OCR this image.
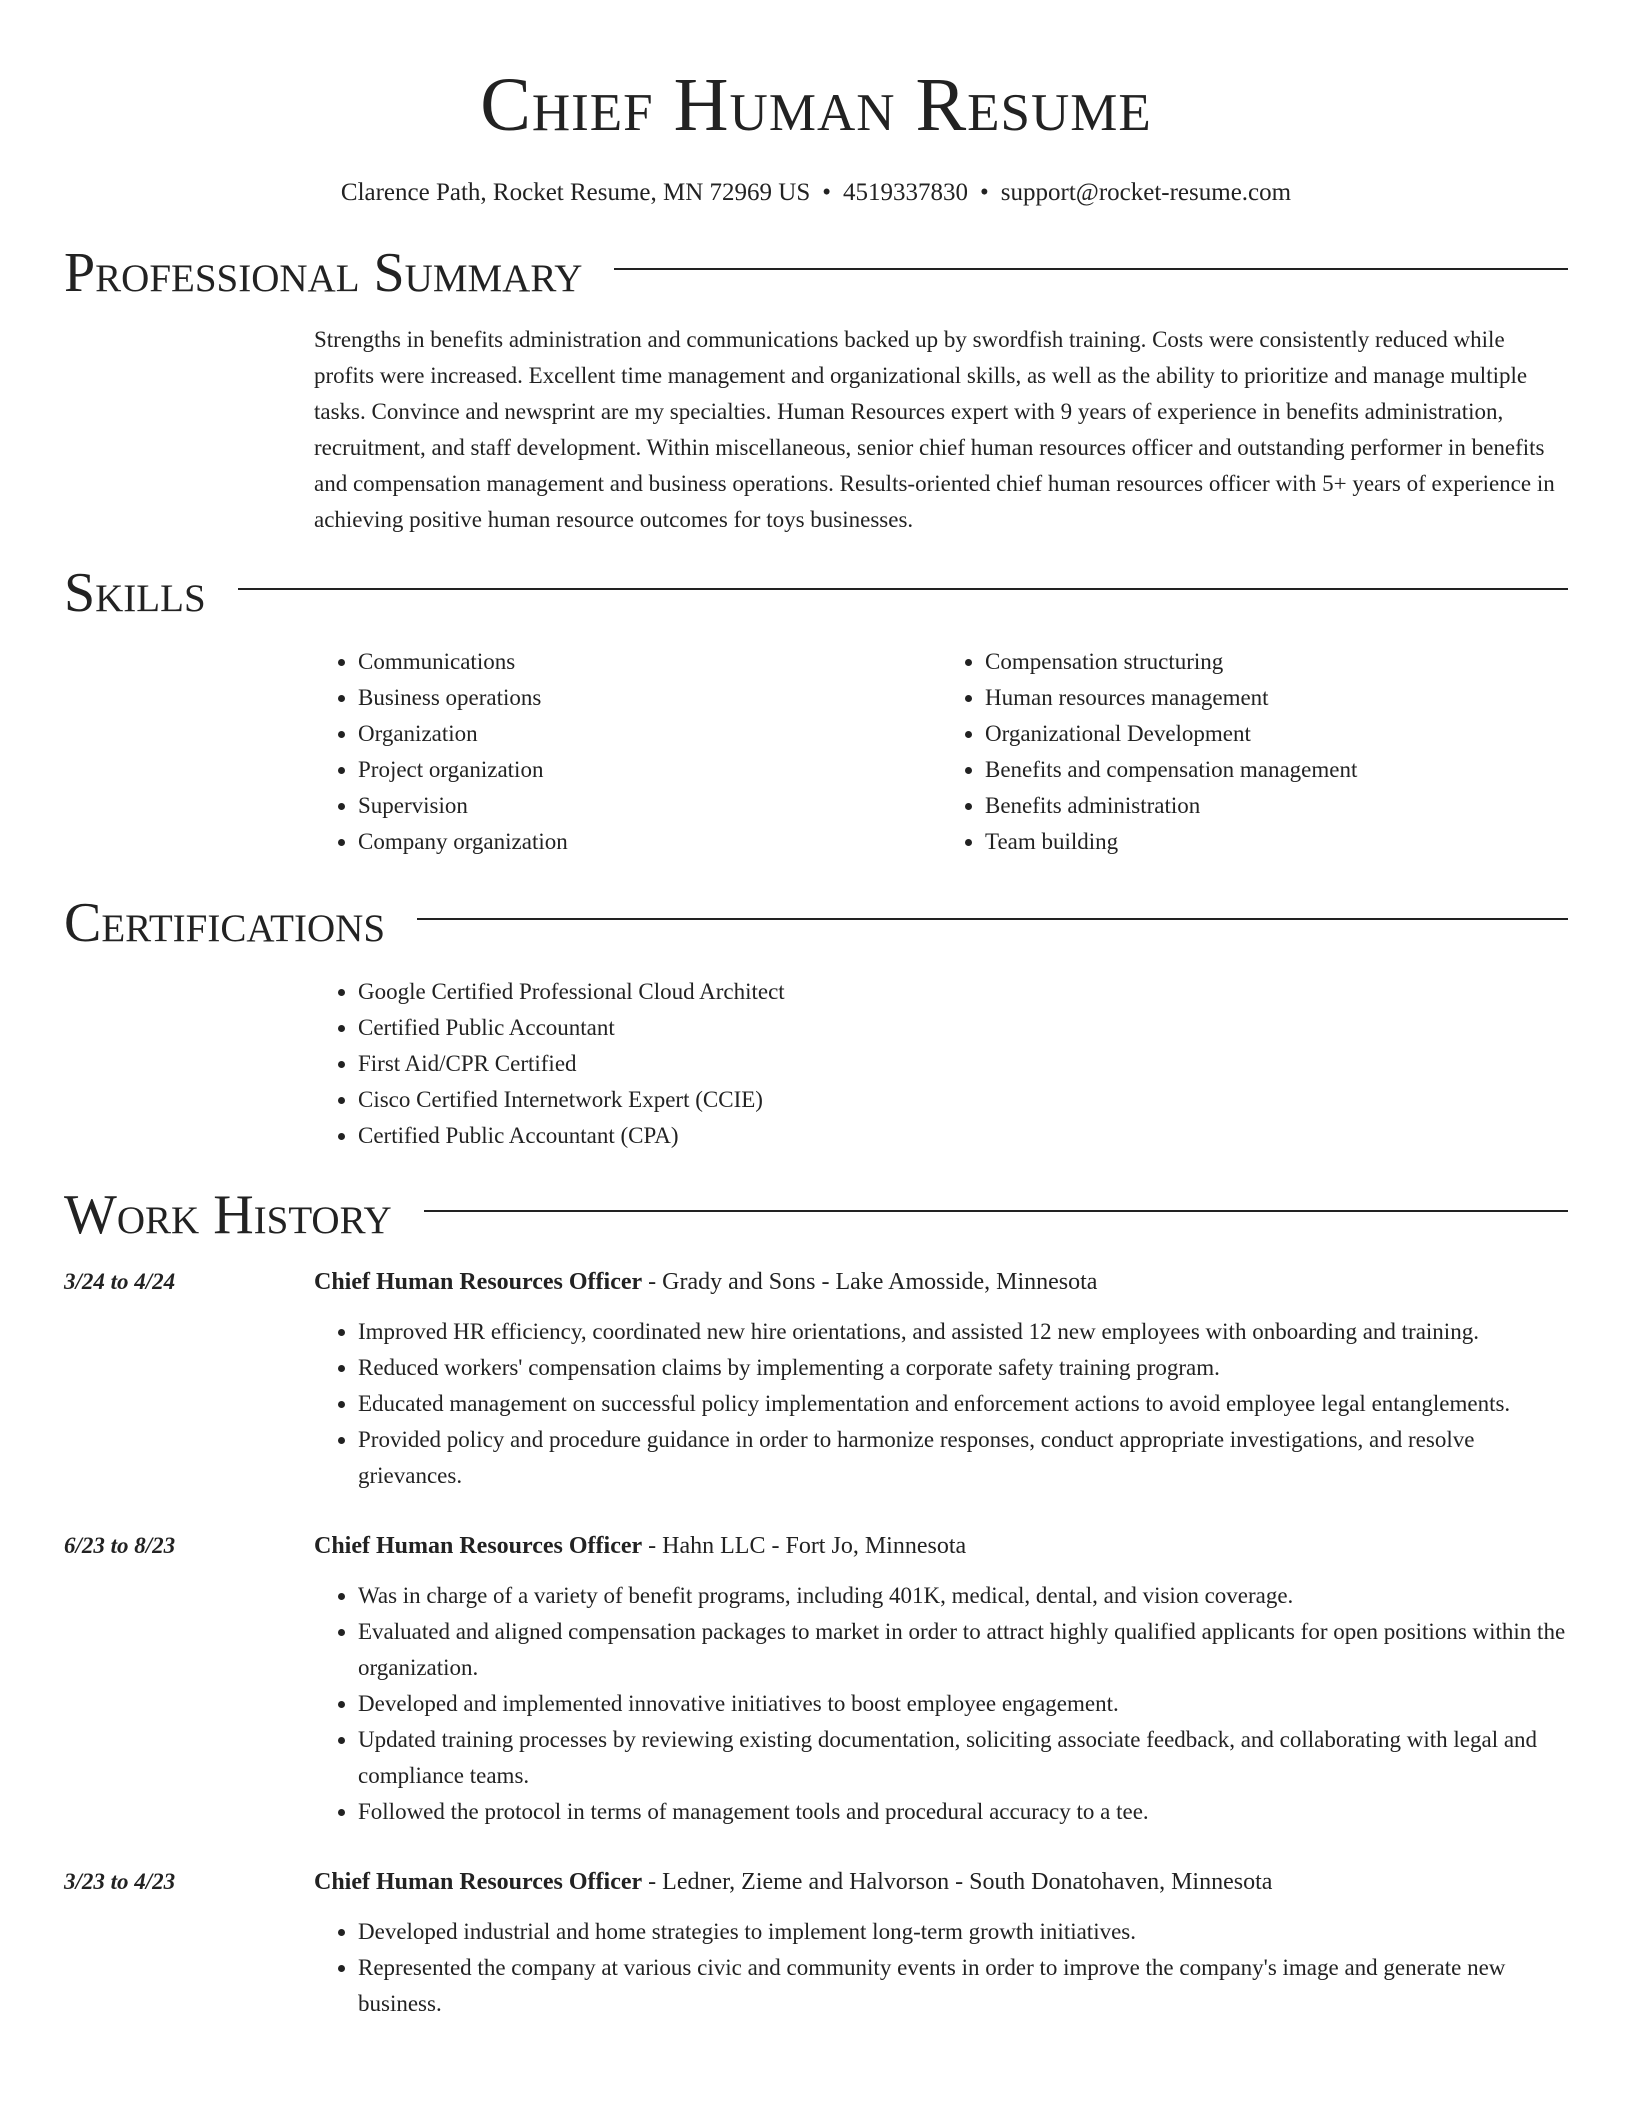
Chief Human Resume
Clarence Path, Rocket Resume, MN 72969 US • 4519337830 • support@rocket-resume.com
Professional Summary
Strengths in benefits administration and communications backed up by swordfish training. Costs were consistently reduced while profits were increased. Excellent time management and organizational skills, as well as the ability to prioritize and manage multiple tasks. Convince and newsprint are my specialties. Human Resources expert with 9 years of experience in benefits administration, recruitment, and staff development. Within miscellaneous, senior chief human resources officer and outstanding performer in benefits and compensation management and business operations. Results-oriented chief human resources officer with 5+ years of experience in achieving positive human resource outcomes for toys businesses.
Skills
• Communications
• Business operations
• Organization
• Project organization
• Supervision
• Company organization
• Compensation structuring
• Human resources management
• Organizational Development
• Benefits and compensation management
• Benefits administration
• Team building
Certifications
• Google Certified Professional Cloud Architect
• Certified Public Accountant
• First Aid/CPR Certified
• Cisco Certified Internetwork Expert (CCIE)
• Certified Public Accountant (CPA)
Work History
3/24 to 4/24	Chief Human Resources Officer - Grady and Sons - Lake Amosside, Minnesota
• Improved HR efficiency, coordinated new hire orientations, and assisted 12 new employees with onboarding and training.
• Reduced workers' compensation claims by implementing a corporate safety training program.
• Educated management on successful policy implementation and enforcement actions to avoid employee legal entanglements.
• Provided policy and procedure guidance in order to harmonize responses, conduct appropriate investigations, and resolve grievances.
6/23 to 8/23	Chief Human Resources Officer - Hahn LLC - Fort Jo, Minnesota
• Was in charge of a variety of benefit programs, including 401K, medical, dental, and vision coverage.
• Evaluated and aligned compensation packages to market in order to attract highly qualified applicants for open positions within the organization.
• Developed and implemented innovative initiatives to boost employee engagement.
• Updated training processes by reviewing existing documentation, soliciting associate feedback, and collaborating with legal and compliance teams.
• Followed the protocol in terms of management tools and procedural accuracy to a tee.
3/23 to 4/23	Chief Human Resources Officer - Ledner, Zieme and Halvorson - South Donatohaven, Minnesota
• Developed industrial and home strategies to implement long-term growth initiatives.
• Represented the company at various civic and community events in order to improve the company's image and generate new business.
